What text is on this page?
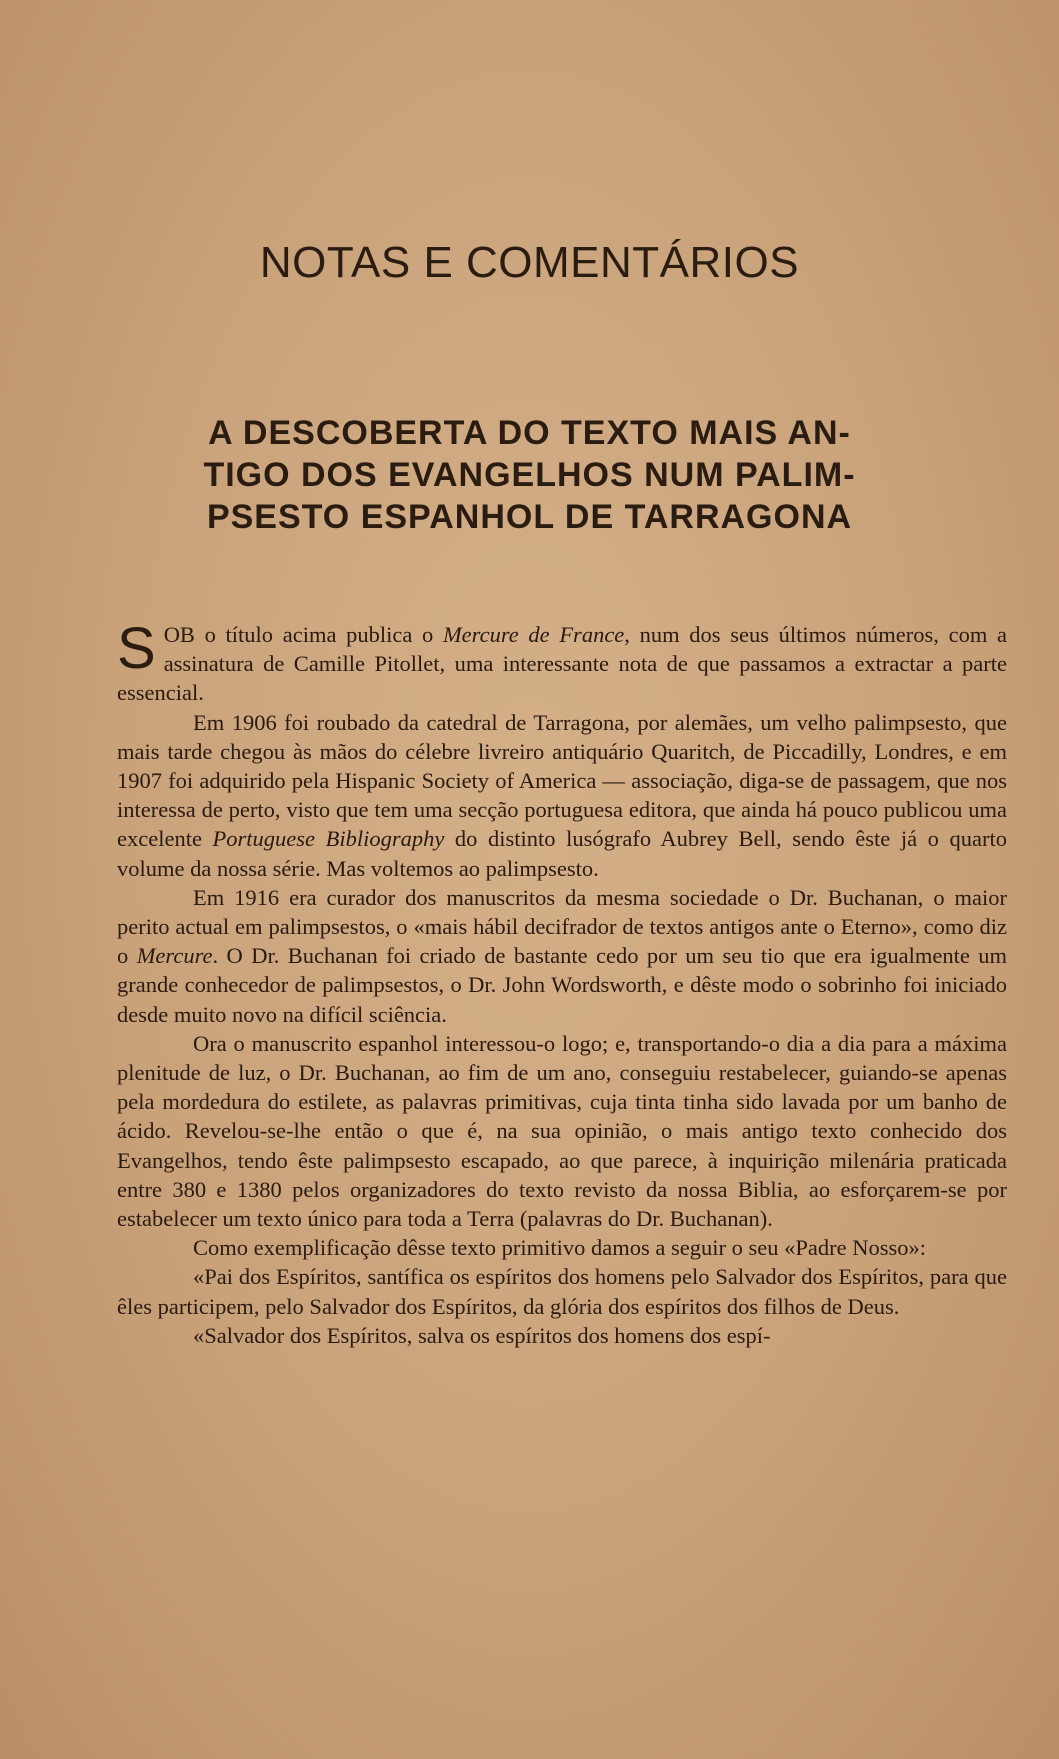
NOTAS E COMENTÁRIOS
A DESCOBERTA DO TEXTO MAIS AN-
TIGO DOS EVANGELHOS NUM PALIM-
PSESTO ESPANHOL DE TARRAGONA

SOB o título acima publica o Mercure de France, num dos seus últimos números, com a assinatura de Camille Pitollet, uma interessante nota de que passamos a extractar a parte essencial.

Em 1906 foi roubado da catedral de Tarragona, por alemães, um velho palimpsesto, que mais tarde chegou às mãos do célebre livreiro antiquário Quaritch, de Piccadilly, Londres, e em 1907 foi adquirido pela Hispanic Society of America — associação, diga-se de passagem, que nos interessa de perto, visto que tem uma secção portuguesa editora, que ainda há pouco publicou uma excelente Portuguese Bibliography do distinto lusógrafo Aubrey Bell, sendo êste já o quarto volume da nossa série. Mas voltemos ao palimpsesto.

Em 1916 era curador dos manuscritos da mesma sociedade o Dr. Buchanan, o maior perito actual em palimpsestos, o «mais hábil decifrador de textos antigos ante o Eterno», como diz o Mercure. O Dr. Buchanan foi criado de bastante cedo por um seu tio que era igualmente um grande conhecedor de palimpsestos, o Dr. John Wordsworth, e dêste modo o sobrinho foi iniciado desde muito novo na difícil sciência.

Ora o manuscrito espanhol interessou-o logo; e, transportando-o dia a dia para a máxima plenitude de luz, o Dr. Buchanan, ao fim de um ano, conseguiu restabelecer, guiando-se apenas pela mordedura do estilete, as palavras primitivas, cuja tinta tinha sido lavada por um banho de ácido. Revelou-se-lhe então o que é, na sua opinião, o mais antigo texto conhecido dos Evangelhos, tendo êste palimpsesto escapado, ao que parece, à inquirição milenária praticada entre 380 e 1380 pelos organizadores do texto revisto da nossa Biblia, ao esforçarem-se por estabelecer um texto único para toda a Terra (palavras do Dr. Buchanan).

Como exemplificação dêsse texto primitivo damos a seguir o seu «Padre Nosso»:

«Pai dos Espíritos, santífica os espíritos dos homens pelo Salvador dos Espíritos, para que êles participem, pelo Salvador dos Espíritos, da glória dos espíritos dos filhos de Deus.

«Salvador dos Espíritos, salva os espíritos dos homens dos espí-
